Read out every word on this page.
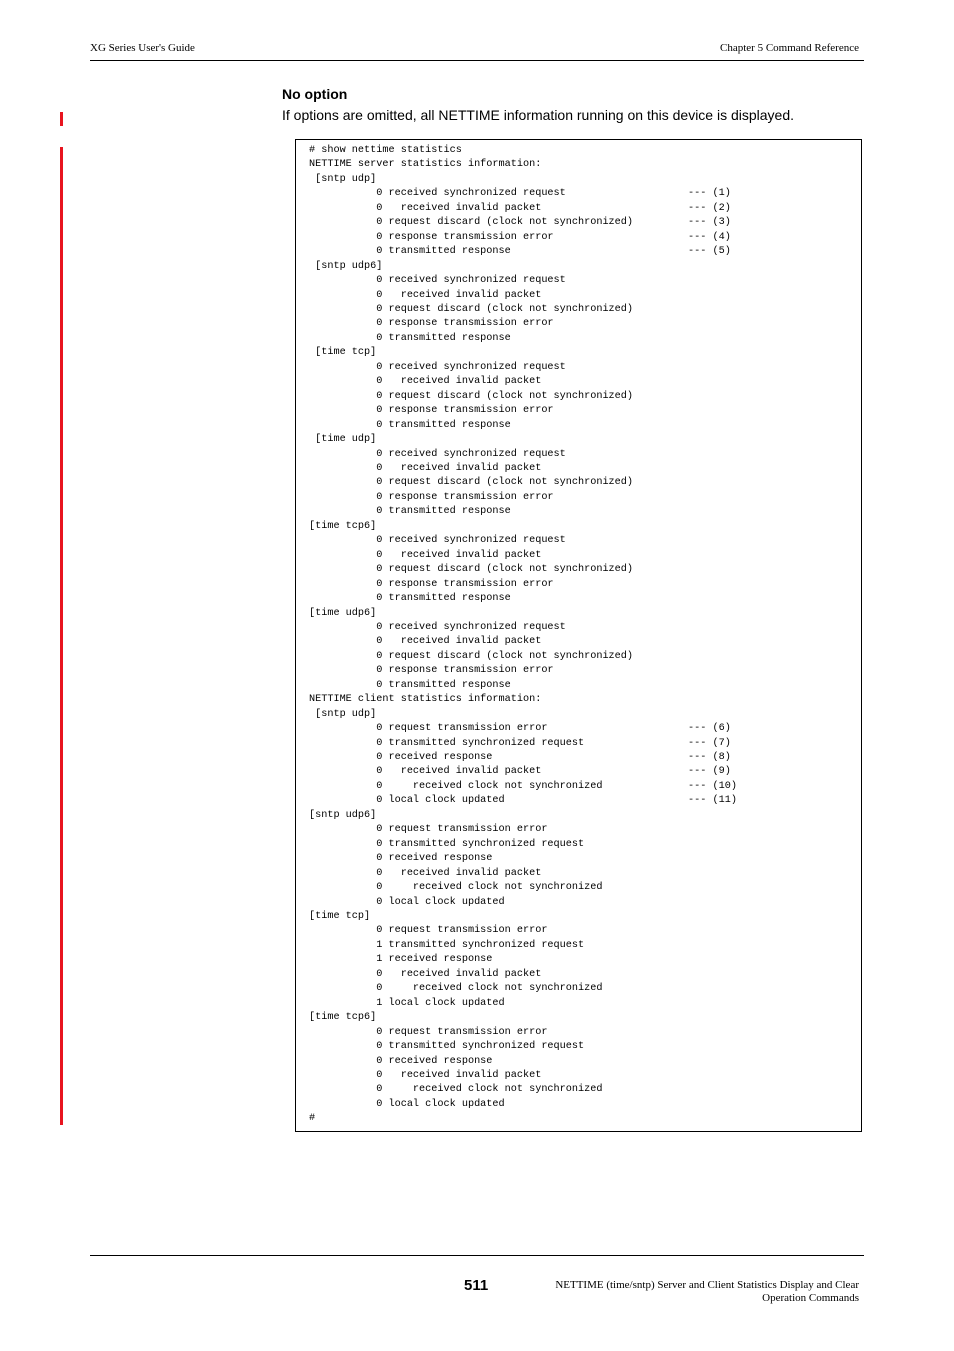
XG Series User's Guide	Chapter 5 Command Reference
No option
If options are omitted, all NETTIME information running on this device is displayed.
# show nettime statistics
NETTIME server statistics information:
[sntp udp]
0 received synchronized request                    --- (1)
0   received invalid packet                        --- (2)
0 request discard (clock not synchronized)         --- (3)
0 response transmission error                      --- (4)
0 transmitted response                             --- (5)
[sntp udp6]
0 received synchronized request
0   received invalid packet
0 request discard (clock not synchronized)
0 response transmission error
0 transmitted response
[time tcp]
0 received synchronized request
0   received invalid packet
0 request discard (clock not synchronized)
0 response transmission error
0 transmitted response
[time udp]
0 received synchronized request
0   received invalid packet
0 request discard (clock not synchronized)
0 response transmission error
0 transmitted response
[time tcp6]
0 received synchronized request
0   received invalid packet
0 request discard (clock not synchronized)
0 response transmission error
0 transmitted response
[time udp6]
0 received synchronized request
0   received invalid packet
0 request discard (clock not synchronized)
0 response transmission error
0 transmitted response
NETTIME client statistics information:
[sntp udp]
0 request transmission error                       --- (6)
0 transmitted synchronized request                 --- (7)
0 received response                                --- (8)
0   received invalid packet                        --- (9)
0     received clock not synchronized              --- (10)
0 local clock updated                              --- (11)
[sntp udp6]
0 request transmission error
0 transmitted synchronized request
0 received response
0   received invalid packet
0     received clock not synchronized
0 local clock updated
[time tcp]
0 request transmission error
1 transmitted synchronized request
1 received response
0   received invalid packet
0     received clock not synchronized
1 local clock updated
[time tcp6]
0 request transmission error
0 transmitted synchronized request
0 received response
0   received invalid packet
0     received clock not synchronized
0 local clock updated
#
511	NETTIME (time/sntp) Server and Client Statistics Display and Clear
Operation Commands
